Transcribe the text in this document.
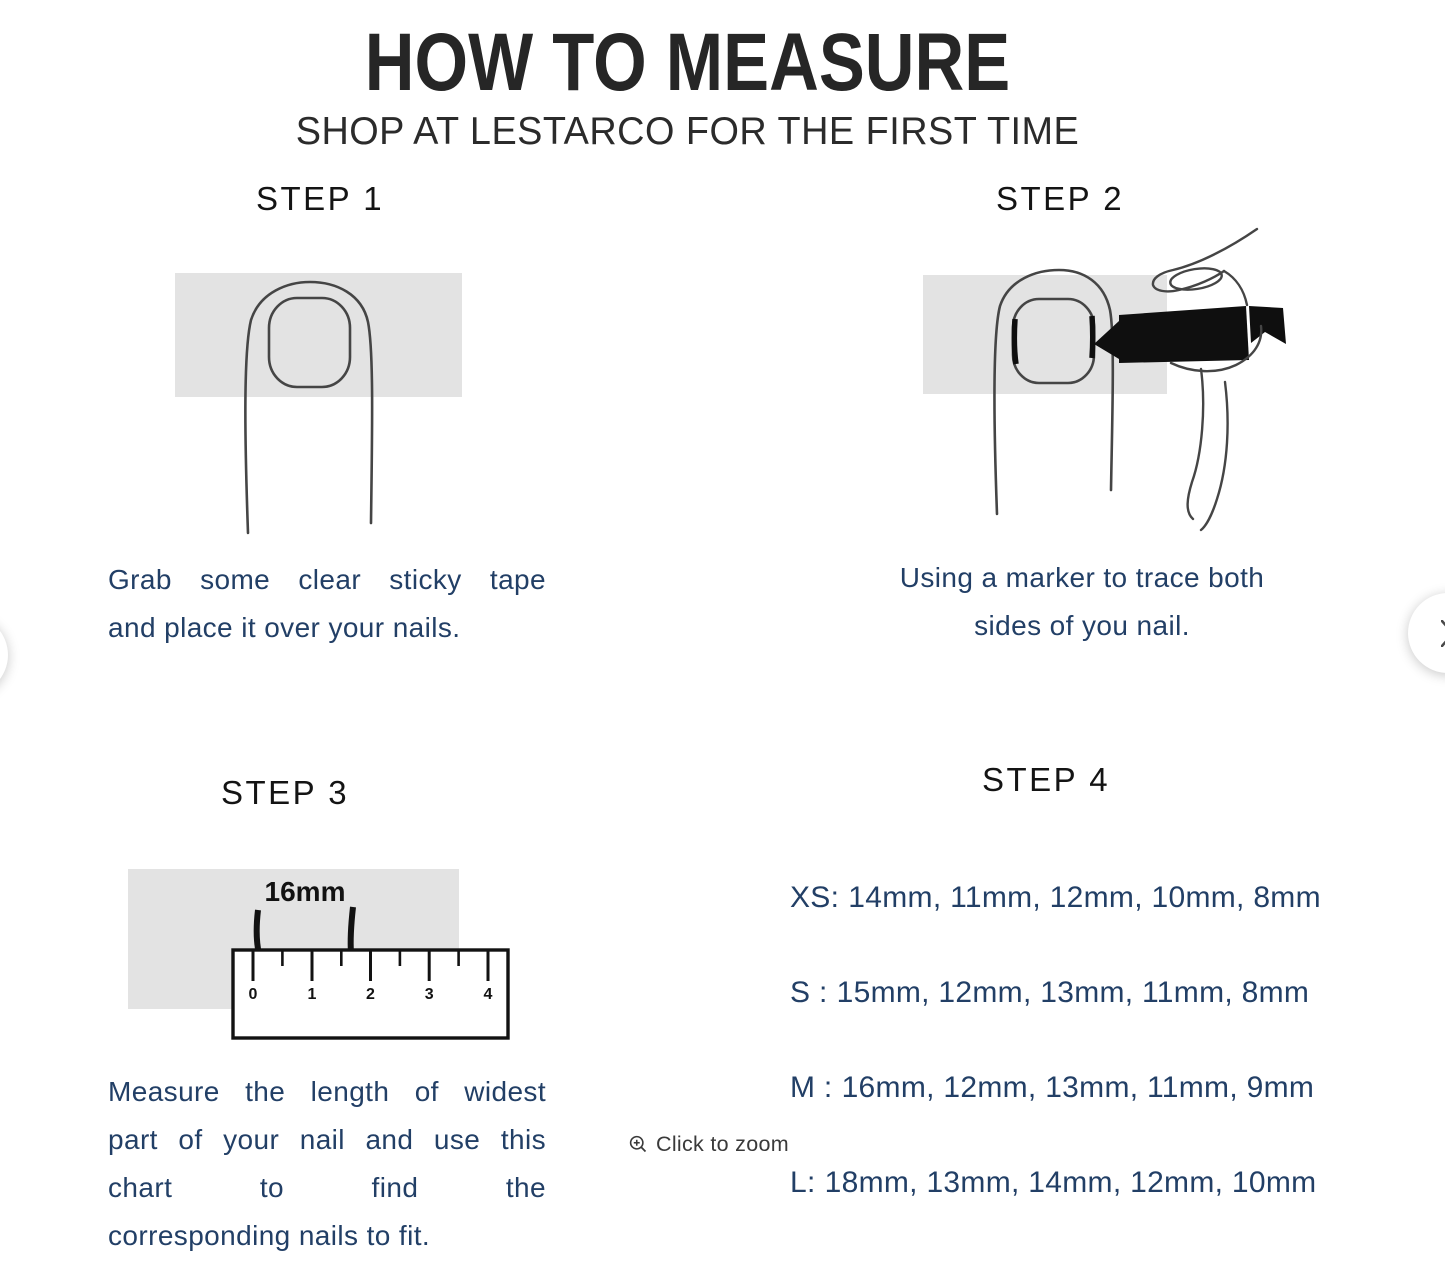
HOW TO MEASURE
SHOP AT LESTARCO FOR THE FIRST TIME
STEP 1	STEP 2
STEP 3	STEP 4
16mm
0	1	2	3	4
Grab some clear sticky tape
and place it over your nails.
Using a marker to trace both
sides of you nail.
Measure the length of widest
part of your nail and use this
chart to find the
corresponding nails to fit.
XS: 14mm, 11mm, 12mm, 10mm, 8mm
S : 15mm, 12mm, 13mm, 11mm, 8mm
M : 16mm, 12mm, 13mm, 11mm, 9mm
L: 18mm, 13mm, 14mm, 12mm, 10mm
Click to zoom
